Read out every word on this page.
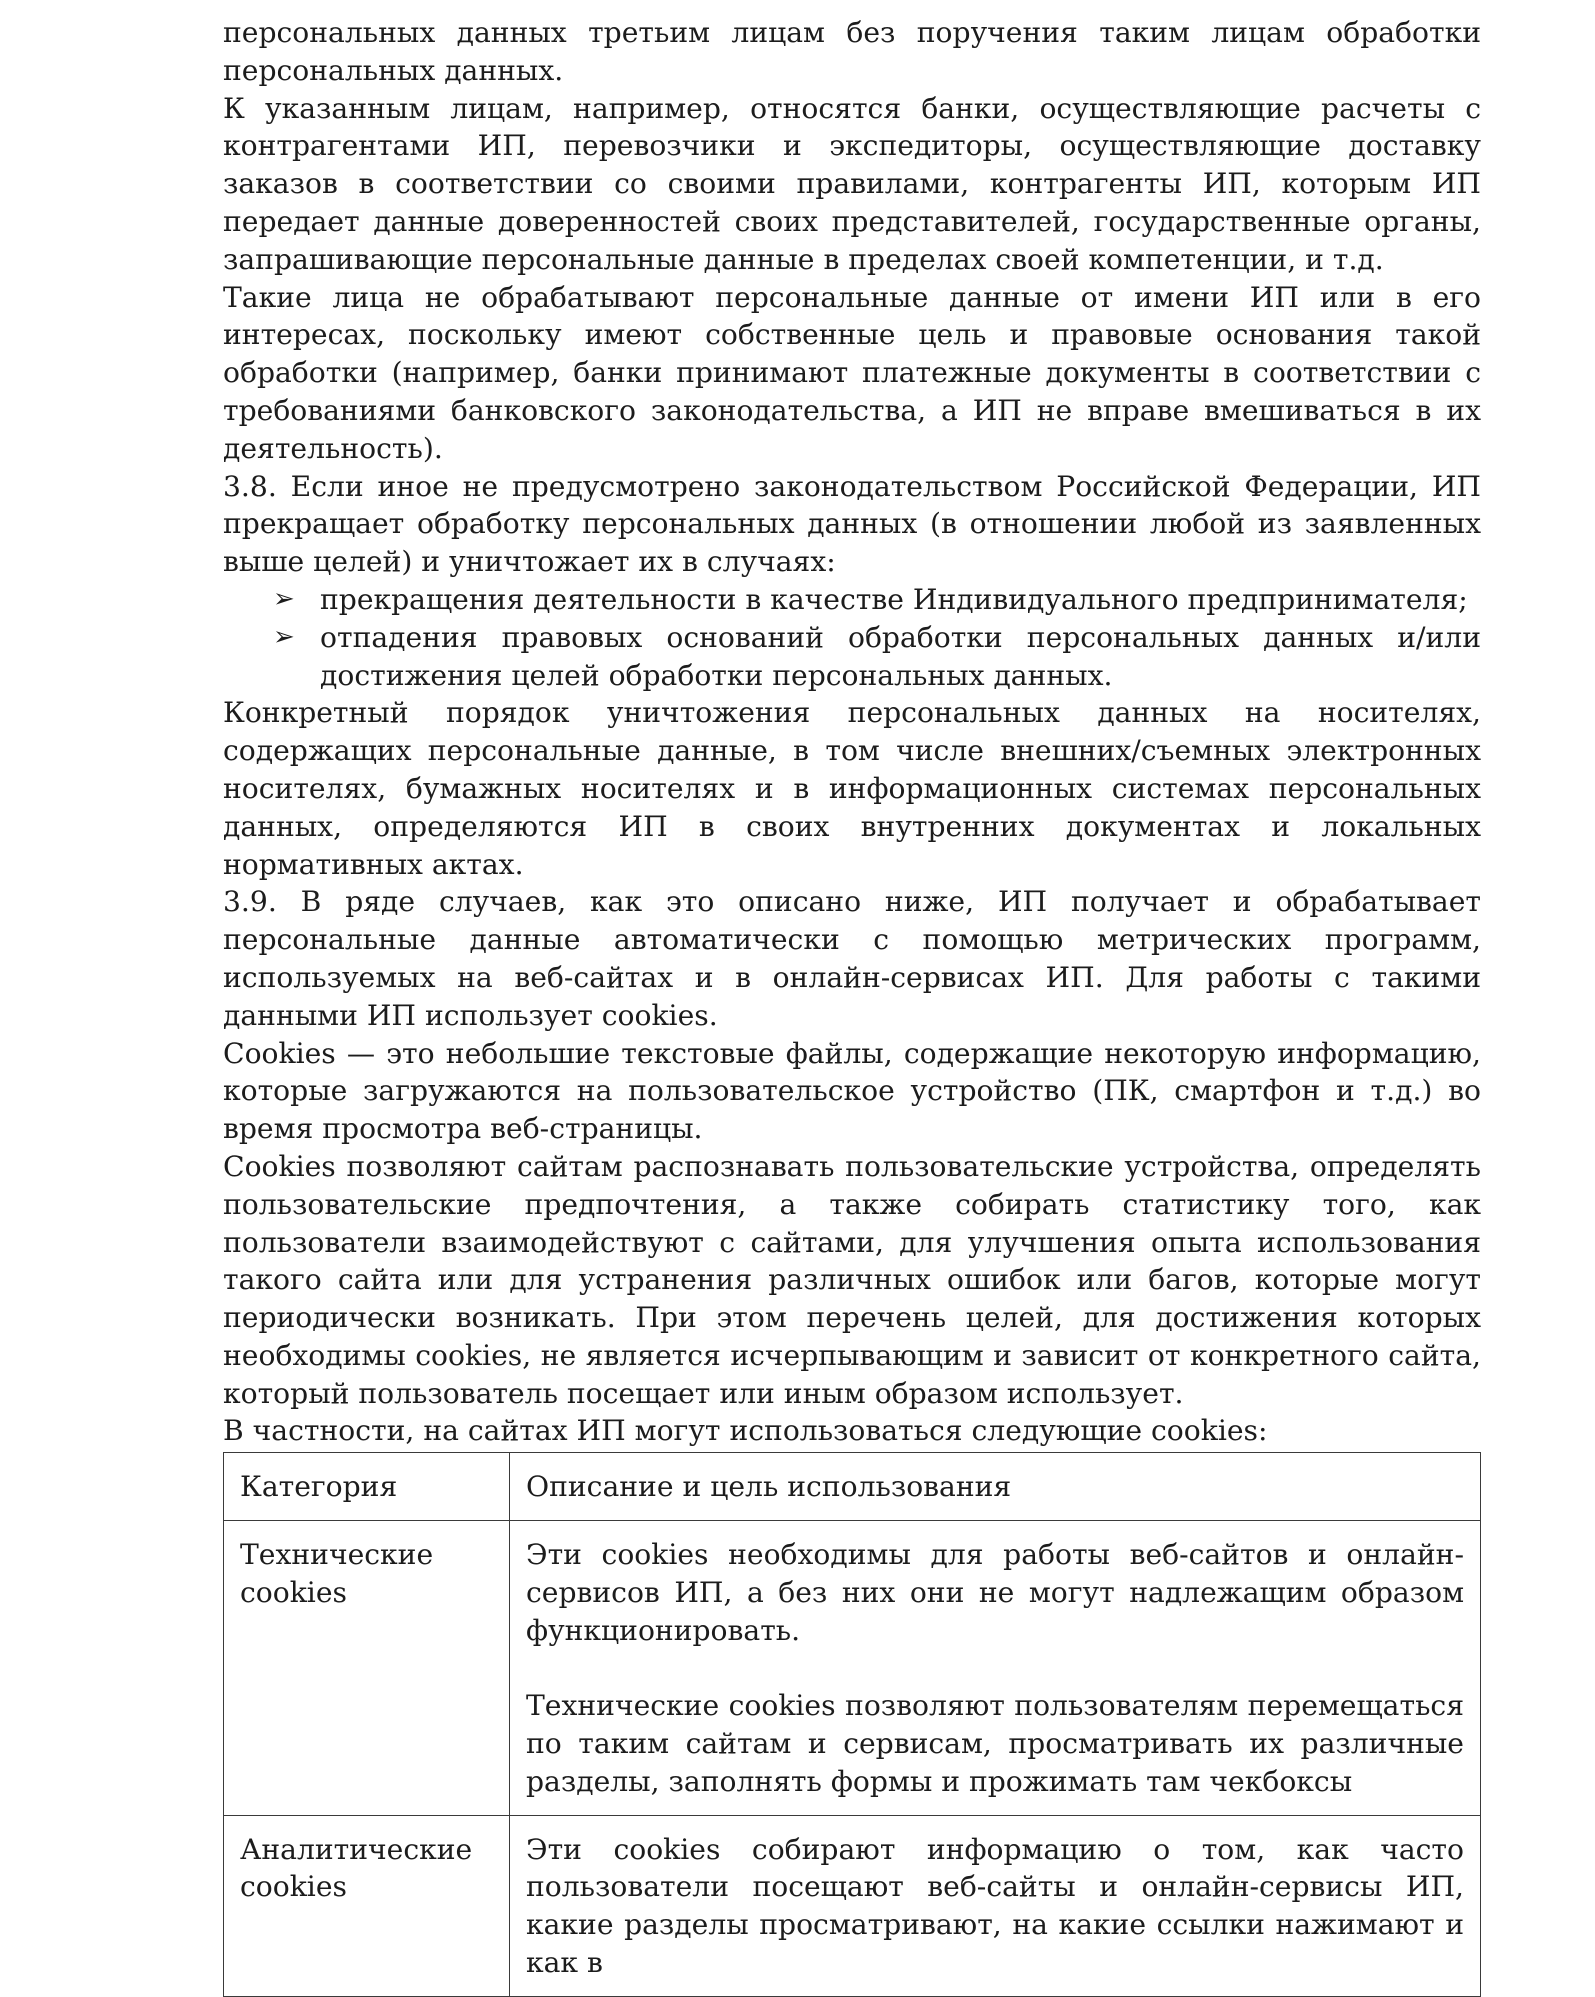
персональных данных третьим лицам без поручения таким лицам обработки персональных данных.

К указанным лицам, например, относятся банки, осуществляющие расчеты с контрагентами ИП, перевозчики и экспедиторы, осуществляющие доставку заказов в соответствии со своими правилами, контрагенты ИП, которым ИП передает данные доверенностей своих представителей, государственные органы, запрашивающие персональные данные в пределах своей компетенции, и т.д.

Такие лица не обрабатывают персональные данные от имени ИП или в его интересах, поскольку имеют собственные цель и правовые основания такой обработки (например, банки принимают платежные документы в соответствии с требованиями банковского законодательства, а ИП не вправе вмешиваться в их деятельность).

3.8. Если иное не предусмотрено законодательством Российской Федерации, ИП прекращает обработку персональных данных (в отношении любой из заявленных выше целей) и уничтожает их в случаях:

➢ прекращения деятельности в качестве Индивидуального предпринимателя;
➢ отпадения правовых оснований обработки персональных данных и/или достижения целей обработки персональных данных.

Конкретный порядок уничтожения персональных данных на носителях, содержащих персональные данные, в том числе внешних/съемных электронных носителях, бумажных носителях и в информационных системах персональных данных, определяются ИП в своих внутренних документах и локальных нормативных актах.

3.9. В ряде случаев, как это описано ниже, ИП получает и обрабатывает персональные данные автоматически с помощью метрических программ, используемых на веб-сайтах и в онлайн-сервисах ИП. Для работы с такими данными ИП использует cookies.

Cookies — это небольшие текстовые файлы, содержащие некоторую информацию, которые загружаются на пользовательское устройство (ПК, смартфон и т.д.) во время просмотра веб-страницы.

Cookies позволяют сайтам распознавать пользовательские устройства, определять пользовательские предпочтения, а также собирать статистику того, как пользователи взаимодействуют с сайтами, для улучшения опыта использования такого сайта или для устранения различных ошибок или багов, которые могут периодически возникать. При этом перечень целей, для достижения которых необходимы cookies, не является исчерпывающим и зависит от конкретного сайта, который пользователь посещает или иным образом использует.

В частности, на сайтах ИП могут использоваться следующие cookies:

Категория	Описание и цель использования
Технические cookies	Эти cookies необходимы для работы веб-сайтов и онлайн-сервисов ИП, а без них они не могут надлежащим образом функционировать.

Технические cookies позволяют пользователям перемещаться по таким сайтам и сервисам, просматривать их различные разделы, заполнять формы и прожимать там чекбоксы

Аналитические cookies	Эти cookies собирают информацию о том, как часто пользователи посещают веб-сайты и онлайн-сервисы ИП, какие разделы просматривают, на какие ссылки нажимают и как в
